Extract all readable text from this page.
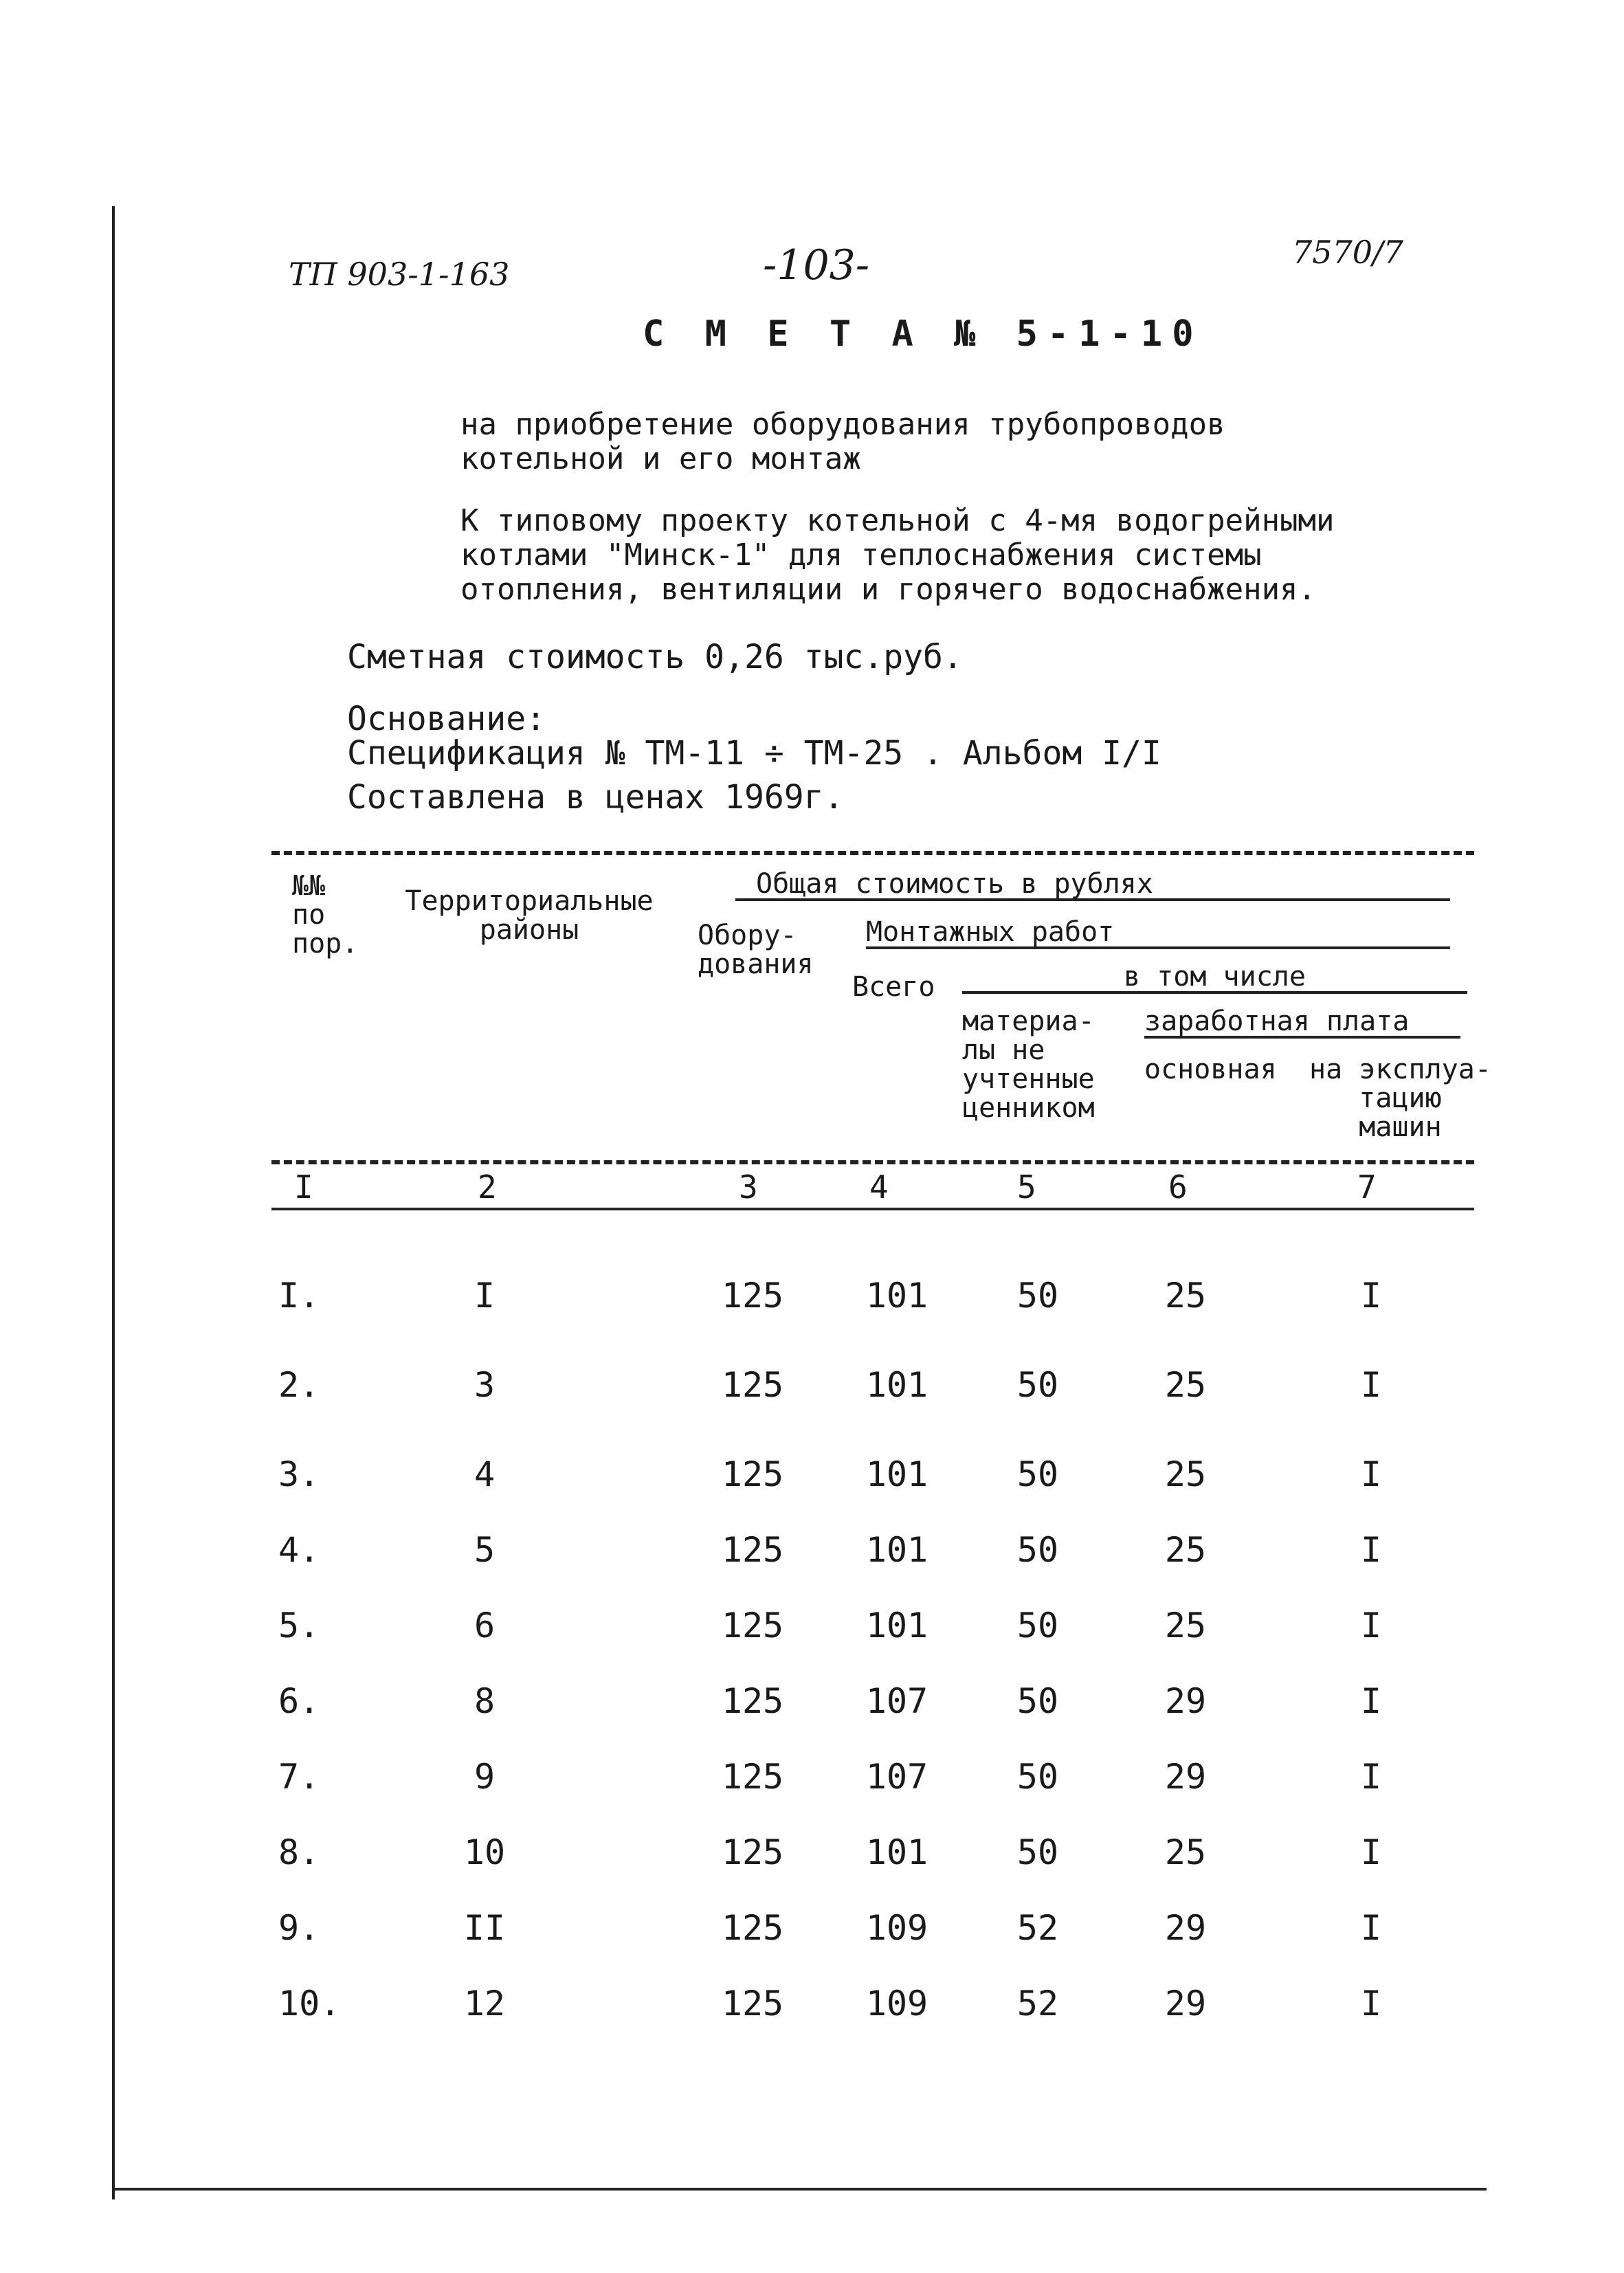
ТП 903-1-163	-103-	7570/7
С М Е Т А № 5-1-10
на приобретение оборудования трубопроводов
котельной и его монтаж
К типовому проекту котельной с 4-мя водогрейными
котлами "Минск-1" для теплоснабжения системы
отопления, вентиляции и горячего водоснабжения.
Сметная стоимость 0,26 тыс.руб.
Основание:
Спецификация № ТМ-11 ÷ ТМ-25 . Альбом I/I
Составлена в ценах 1969г.
№№
по
пор.
Территориальные
районы
Общая стоимость в рублях
Обору-
дования
Монтажных работ
Всего	в том числе
материа-
лы не
учтенные
ценником
заработная плата
основная на эксплуа-
тацию
машин
I	2	3	4	5	6	7
I.	I	125	101	50	25	I
2.	3	125	101	50	25	I
3.	4	125	101	50	25	I
4.	5	125	101	50	25	I
5.	6	125	101	50	25	I
6.	8	125	107	50	29	I
7.	9	125	107	50	29	I
8.	10	125	101	50	25	I
9.	II	125	109	52	29	I
10.	12	125	109	52	29	I
